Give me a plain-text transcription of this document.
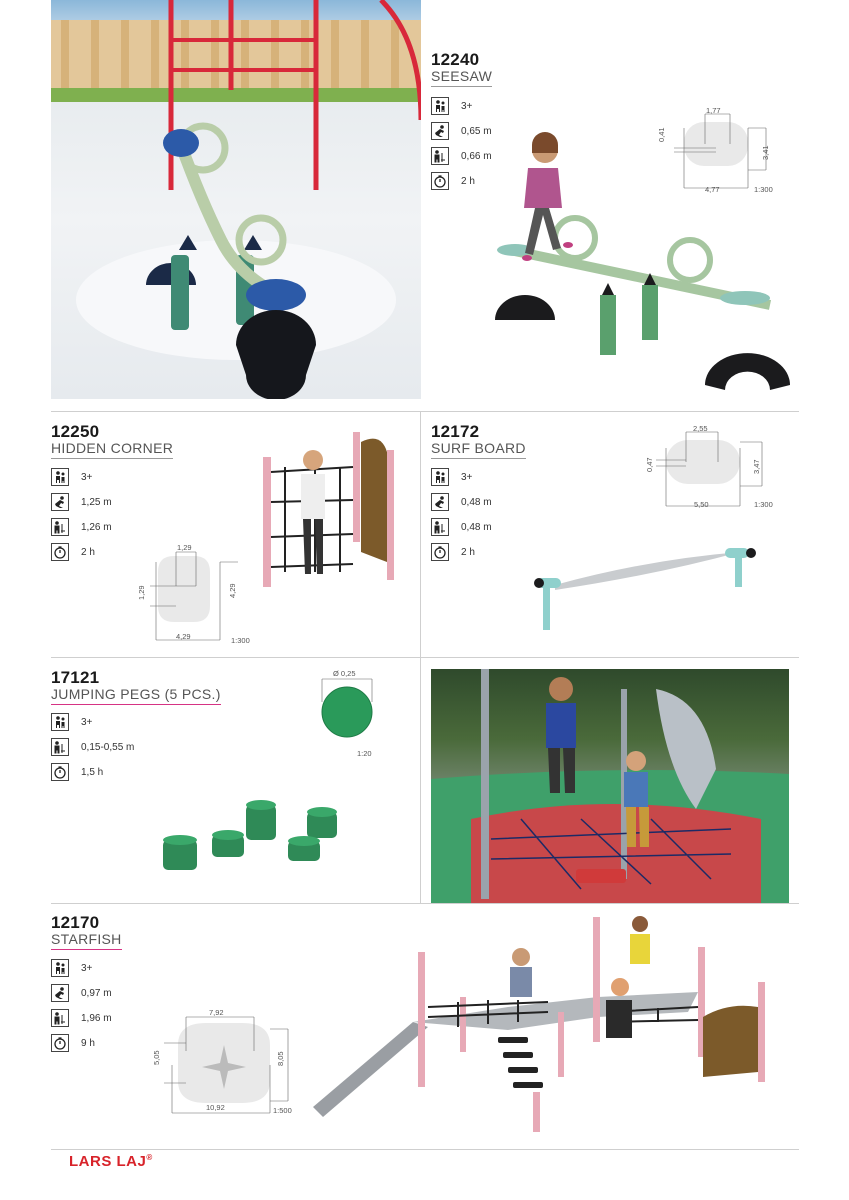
12240
SEESAW
3+
0,65 m
0,66 m
2 h
1,77
0,41
4,77
3,41
1:300
12250
HIDDEN CORNER
3+
1,25 m
1,26 m
2 h	1,29
1,29
4,29
4,29
1:300
12172
SURF BOARD
3+
0,48 m
0,48 m
2 h
2,55
0,47
5,50
3,47
1:300
17121
JUMPING PEGS (5 PCS.)
3+
0,15-0,55 m
1,5 h
Ø 0,25
1:20
12170
STARFISH
3+
0,97 m
1,96 m
9 h
7,92
5,05
10,92
8,05
1:500
LARS LAJ®
